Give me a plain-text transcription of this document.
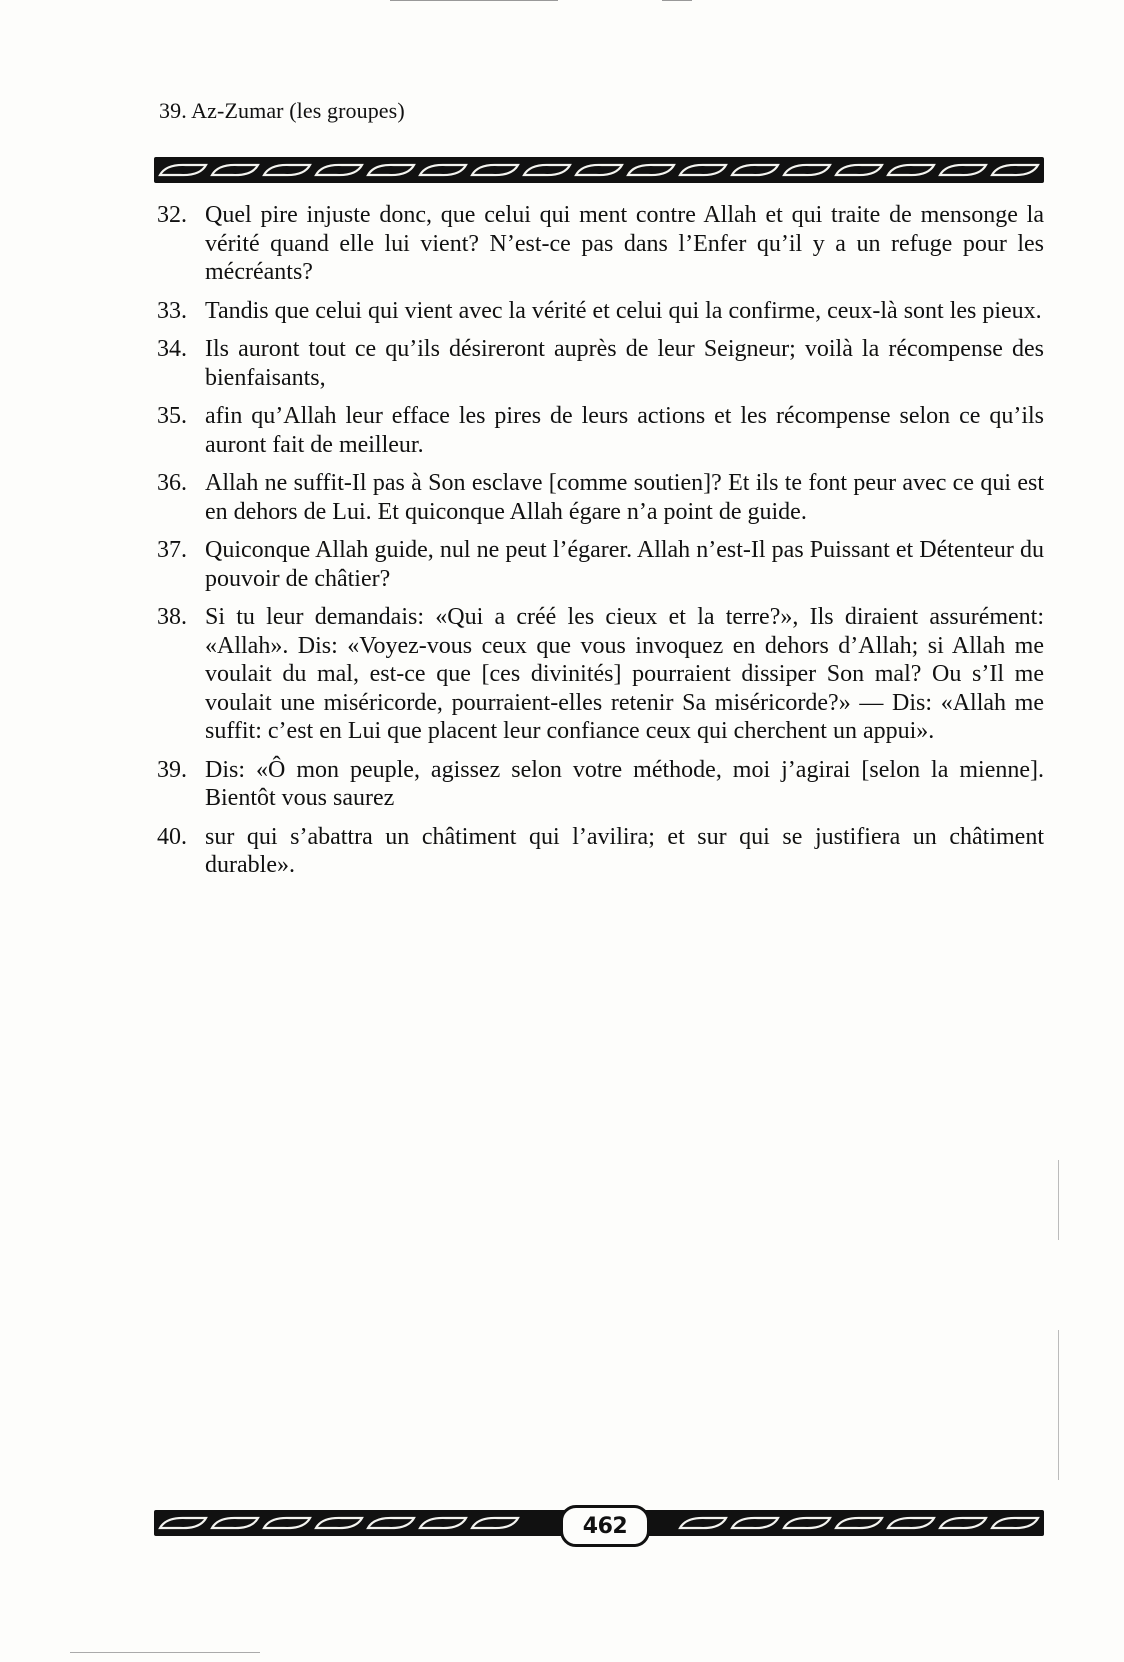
39. Az-Zumar (les groupes)
32. Quel pire injuste donc, que celui qui ment contre Allah et qui traite de mensonge la vérité quand elle lui vient? N’est-ce pas dans l’Enfer qu’il y a un refuge pour les mécréants?
33. Tandis que celui qui vient avec la vérité et celui qui la confirme, ceux-là sont les pieux.
34. Ils auront tout ce qu’ils désireront auprès de leur Seigneur; voilà la récompense des bienfaisants,
35. afin qu’Allah leur efface les pires de leurs actions et les récompense selon ce qu’ils auront fait de meilleur.
36. Allah ne suffit-Il pas à Son esclave [comme soutien]? Et ils te font peur avec ce qui est en dehors de Lui. Et quiconque Allah égare n’a point de guide.
37. Quiconque Allah guide, nul ne peut l’égarer. Allah n’est-Il pas Puissant et Détenteur du pouvoir de châtier?
38. Si tu leur demandais: «Qui a créé les cieux et la terre?», Ils diraient assurément: «Allah». Dis: «Voyez-vous ceux que vous invoquez en dehors d’Allah; si Allah me voulait du mal, est-ce que [ces divinités] pourraient dissiper Son mal? Ou s’Il me voulait une miséricorde, pourraient-elles retenir Sa miséricorde?» — Dis: «Allah me suffit: c’est en Lui que placent leur confiance ceux qui cherchent un appui».
39. Dis: «Ô mon peuple, agissez selon votre méthode, moi j’agirai [selon la mienne]. Bientôt vous saurez
40. sur qui s’abattra un châtiment qui l’avilira; et sur qui se justifiera un châtiment durable».
462
